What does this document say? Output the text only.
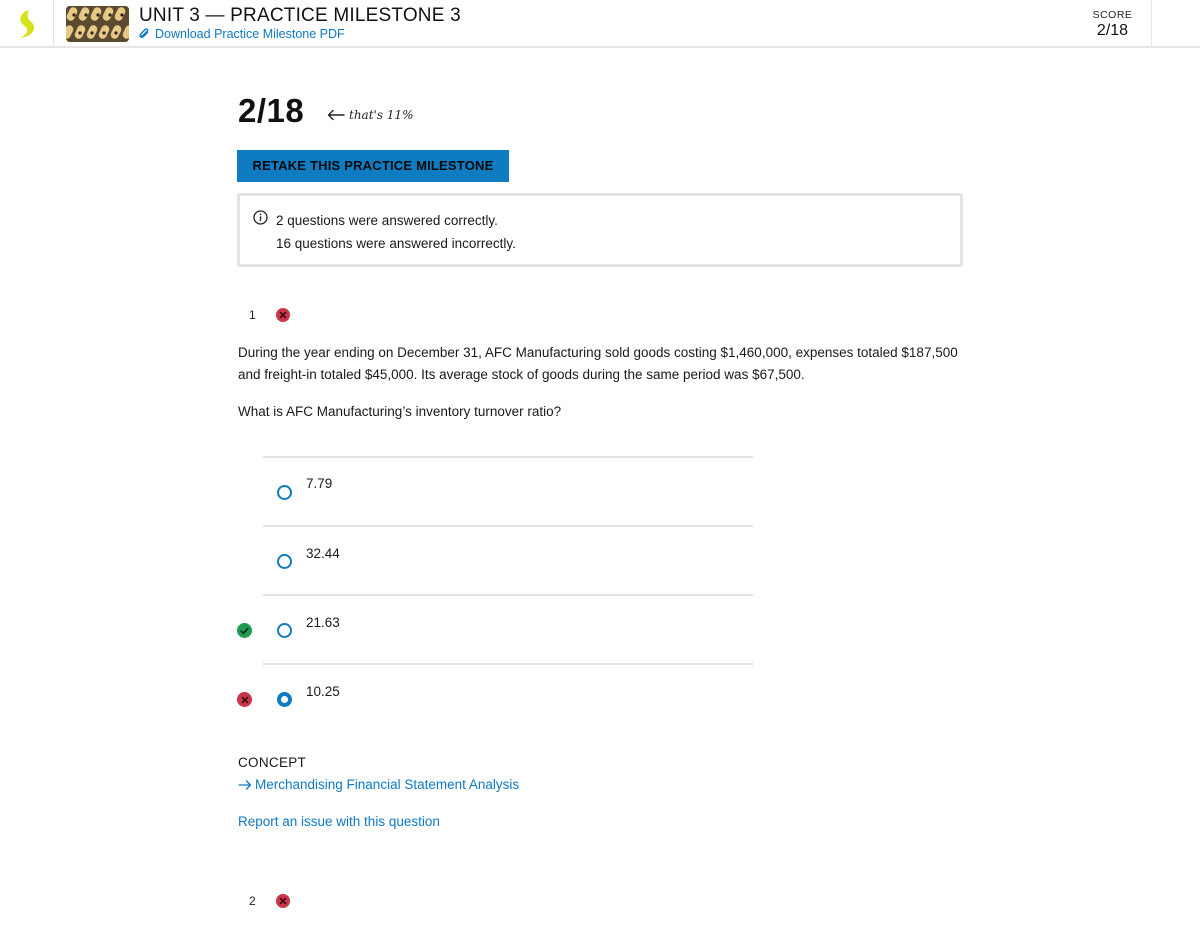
UNIT 3 — PRACTICE MILESTONE 3
Download Practice Milestone PDF
SCORE
2/18
2/18	that's 11%
RETAKE THIS PRACTICE MILESTONE
2 questions were answered correctly.
16 questions were answered incorrectly.
1
During the year ending on December 31, AFC Manufacturing sold goods costing $1,460,000, expenses totaled $187,500 and freight-in totaled $45,000. Its average stock of goods during the same period was $67,500.
What is AFC Manufacturing’s inventory turnover ratio?
7.79
32.44
21.63
10.25
CONCEPT
Merchandising Financial Statement Analysis
Report an issue with this question
2
